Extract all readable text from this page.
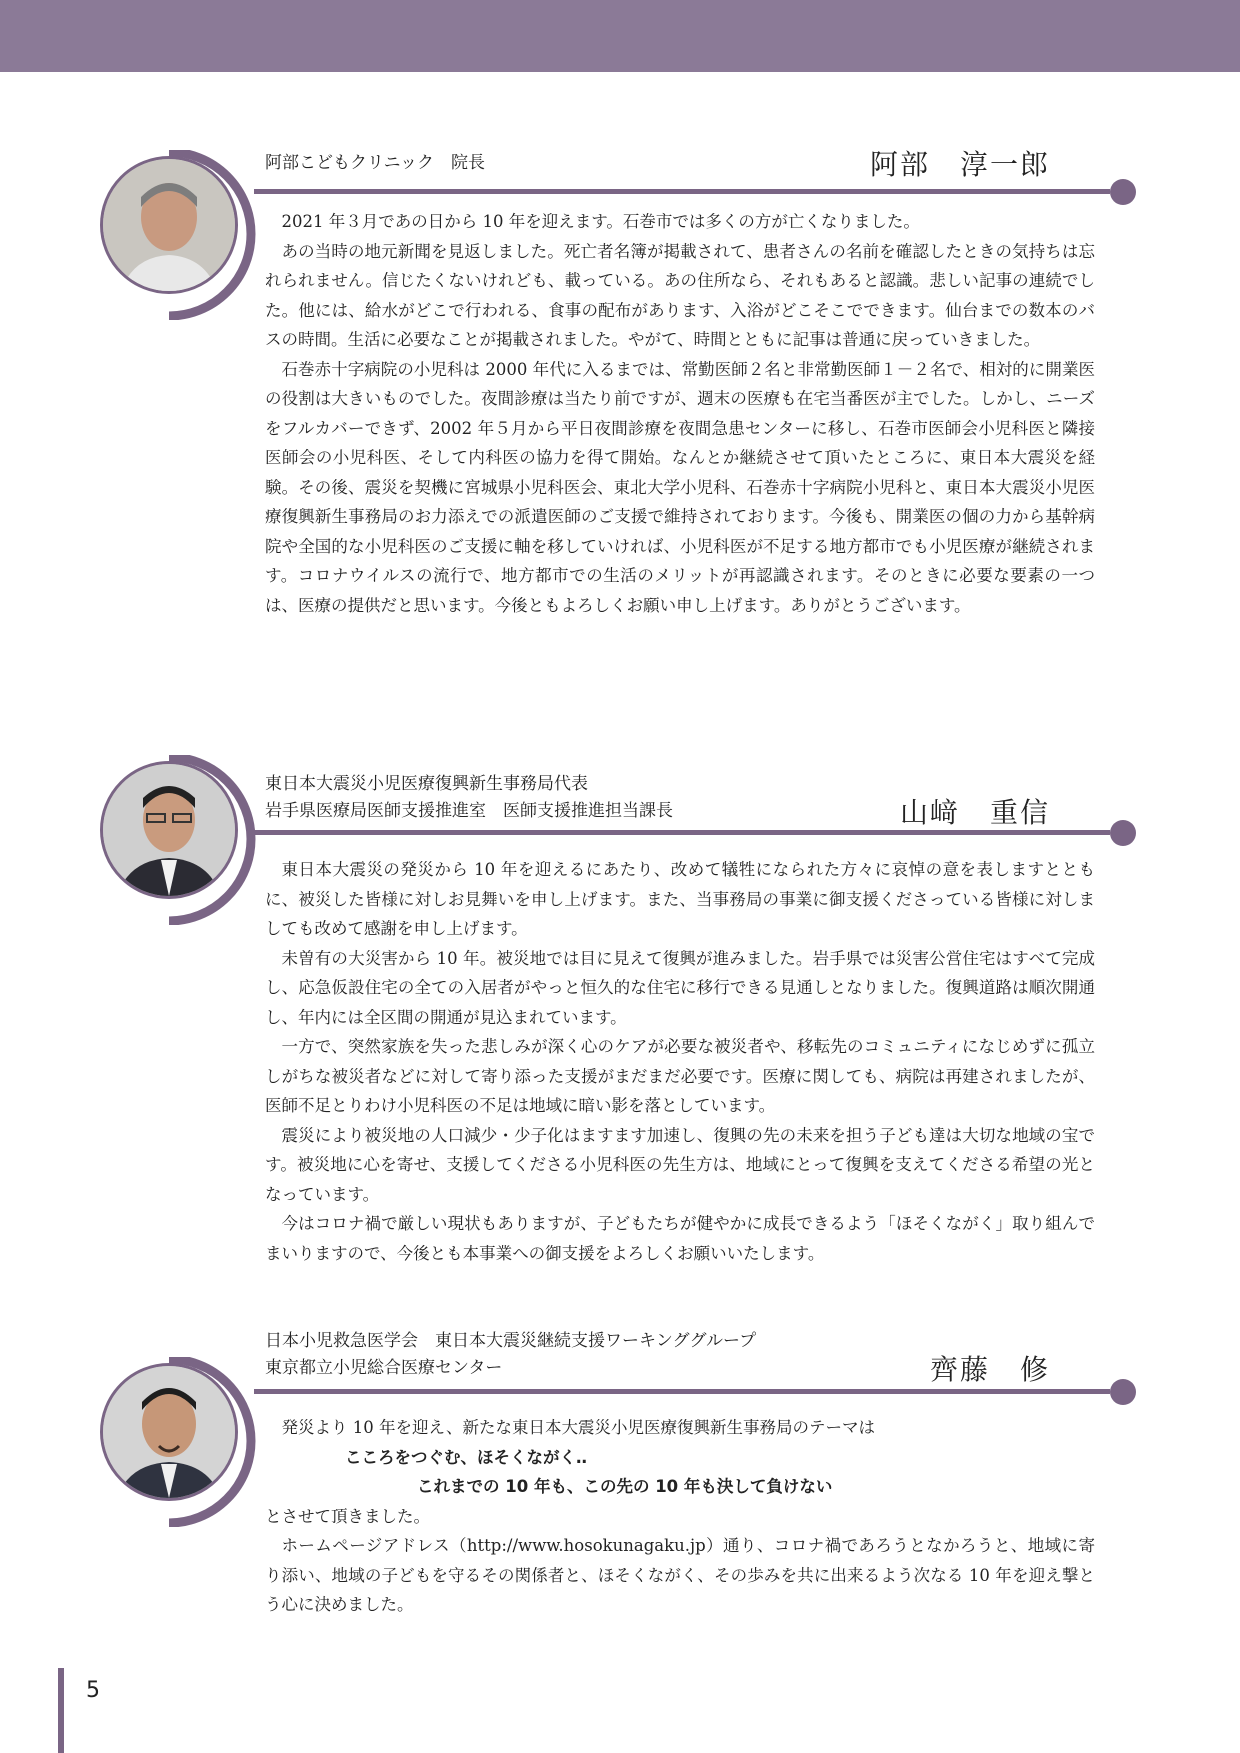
阿部こどもクリニック　院長	阿部　淳一郎

2021 年３月であの日から 10 年を迎えます。石巻市では多くの方が亡くなりました。

あの当時の地元新聞を見返しました。死亡者名簿が掲載されて、患者さんの名前を確認したときの気持ちは忘れられません。信じたくないけれども、載っている。あの住所なら、それもあると認識。悲しい記事の連続でした。他には、給水がどこで行われる、食事の配布があります、入浴がどこそこでできます。仙台までの数本のバスの時間。生活に必要なことが掲載されました。やがて、時間とともに記事は普通に戻っていきました。

石巻赤十字病院の小児科は 2000 年代に入るまでは、常勤医師２名と非常勤医師１－２名で、相対的に開業医の役割は大きいものでした。夜間診療は当たり前ですが、週末の医療も在宅当番医が主でした。しかし、ニーズをフルカバーできず、2002 年５月から平日夜間診療を夜間急患センターに移し、石巻市医師会小児科医と隣接医師会の小児科医、そして内科医の協力を得て開始。なんとか継続させて頂いたところに、東日本大震災を経験。その後、震災を契機に宮城県小児科医会、東北大学小児科、石巻赤十字病院小児科と、東日本大震災小児医療復興新生事務局のお力添えでの派遣医師のご支援で維持されております。今後も、開業医の個の力から基幹病院や全国的な小児科医のご支援に軸を移していければ、小児科医が不足する地方都市でも小児医療が継続されます。コロナウイルスの流行で、地方都市での生活のメリットが再認識されます。そのときに必要な要素の一つは、医療の提供だと思います。今後ともよろしくお願い申し上げます。ありがとうございます。

東日本大震災小児医療復興新生事務局代表
岩手県医療局医師支援推進室　医師支援推進担当課長	山﨑　重信

東日本大震災の発災から 10 年を迎えるにあたり、改めて犠牲になられた方々に哀悼の意を表しますとともに、被災した皆様に対しお見舞いを申し上げます。また、当事務局の事業に御支援くださっている皆様に対しましても改めて感謝を申し上げます。

未曽有の大災害から 10 年。被災地では目に見えて復興が進みました。岩手県では災害公営住宅はすべて完成し、応急仮設住宅の全ての入居者がやっと恒久的な住宅に移行できる見通しとなりました。復興道路は順次開通し、年内には全区間の開通が見込まれています。

一方で、突然家族を失った悲しみが深く心のケアが必要な被災者や、移転先のコミュニティになじめずに孤立しがちな被災者などに対して寄り添った支援がまだまだ必要です。医療に関しても、病院は再建されましたが、医師不足とりわけ小児科医の不足は地域に暗い影を落としています。

震災により被災地の人口減少・少子化はますます加速し、復興の先の未来を担う子ども達は大切な地域の宝です。被災地に心を寄せ、支援してくださる小児科医の先生方は、地域にとって復興を支えてくださる希望の光となっています。

今はコロナ禍で厳しい現状もありますが、子どもたちが健やかに成長できるよう「ほそくながく」取り組んでまいりますので、今後とも本事業への御支援をよろしくお願いいたします。

日本小児救急医学会　東日本大震災継続支援ワーキンググループ
東京都立小児総合医療センター	齊藤　修

発災より 10 年を迎え、新たな東日本大震災小児医療復興新生事務局のテーマは

こころをつぐむ、ほそくながく‥
これまでの 10 年も、この先の 10 年も決して負けない
とさせて頂きました。

ホームページアドレス（http://www.hosokunagaku.jp）通り、コロナ禍であろうとなかろうと、地域に寄り添い、地域の子どもを守るその関係者と、ほそくながく、その歩みを共に出来るよう次なる 10 年を迎え撃とう心に決めました。

5
